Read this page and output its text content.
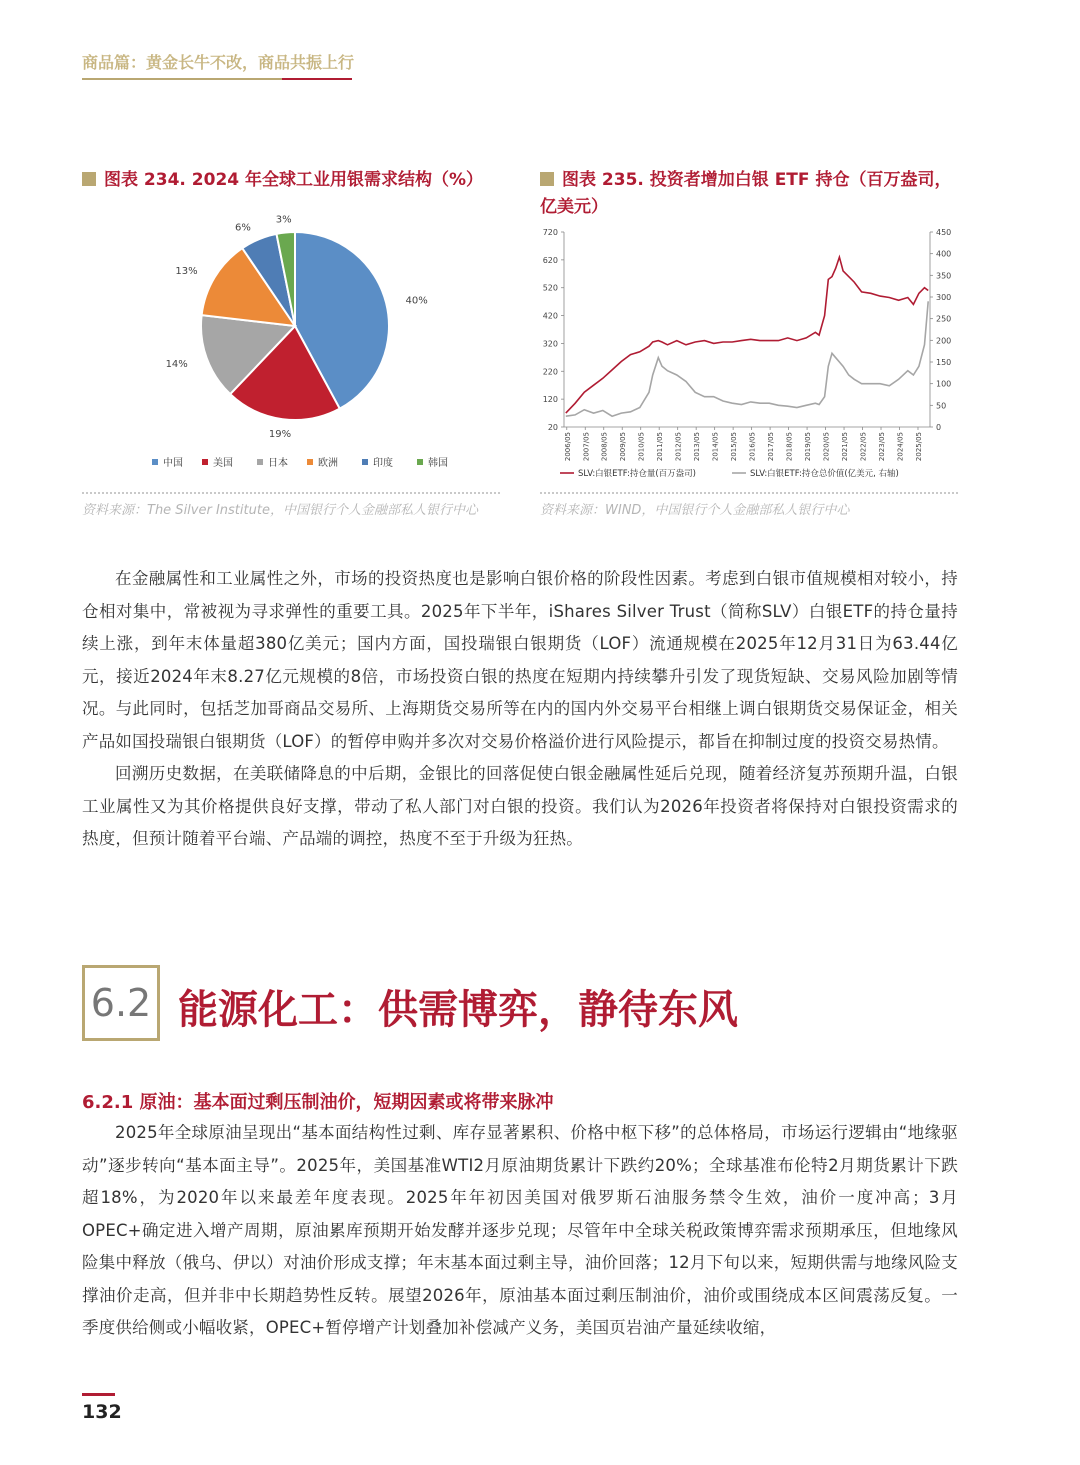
商品篇：黄金长牛不改，商品共振上行
图表 234. 2024 年全球工业用银需求结构（%）	图表 235. 投资者增加白银 ETF 持仓（百万盎司，
亿美元）
40%
19%
14%
13%
6%
3%
中国	美国	日本	欧洲	印度	韩国
资料来源：The Silver Institute，中国银行个人金融部私人银行中心
720
620
520
420
320
220
120
20
450
400
350
300
250
200
150
100
50
0
2006/05 2007/05 2008/05 2009/05 2010/05 2011/05 2012/05 2013/05 2014/05 2015/05 2016/05 2017/05 2018/05 2019/05 2020/05 2021/05 2022/05 2023/05 2024/05 2025/05
SLV:白银ETF:持仓量(百万盎司)	SLV:白银ETF:持仓总价值(亿美元, 右轴)
资料来源：WIND，中国银行个人金融部私人银行中心

在金融属性和工业属性之外，市场的投资热度也是影响白银价格的阶段性因素。考虑到白银市值规模相对较小，持仓相对集中，常被视为寻求弹性的重要工具。2025年下半年，iShares Silver Trust（简称SLV）白银ETF的持仓量持续上涨，到年末体量超380亿美元；国内方面，国投瑞银白银期货（LOF）流通规模在2025年12月31日为63.44亿元，接近2024年末8.27亿元规模的8倍，市场投资白银的热度在短期内持续攀升引发了现货短缺、交易风险加剧等情况。与此同时，包括芝加哥商品交易所、上海期货交易所等在内的国内外交易平台相继上调白银期货交易保证金，相关产品如国投瑞银白银期货（LOF）的暂停申购并多次对交易价格溢价进行风险提示，都旨在抑制过度的投资交易热情。

回溯历史数据，在美联储降息的中后期，金银比的回落促使白银金融属性延后兑现，随着经济复苏预期升温，白银工业属性又为其价格提供良好支撑，带动了私人部门对白银的投资。我们认为2026年投资者将保持对白银投资需求的热度，但预计随着平台端、产品端的调控，热度不至于升级为狂热。

6.2 能源化工：供需博弈，静待东风
6.2.1 原油：基本面过剩压制油价，短期因素或将带来脉冲

2025年全球原油呈现出“基本面结构性过剩、库存显著累积、价格中枢下移”的总体格局，市场运行逻辑由“地缘驱动”逐步转向“基本面主导”。2025年，美国基准WTI2月原油期货累计下跌约20%；全球基准布伦特2月期货累计下跌超18%，为2020年以来最差年度表现。2025年年初因美国对俄罗斯石油服务禁令生效，油价一度冲高；3月OPEC+确定进入增产周期，原油累库预期开始发酵并逐步兑现；尽管年中全球关税政策博弈需求预期承压，但地缘风险集中释放（俄乌、伊以）对油价形成支撑；年末基本面过剩主导，油价回落；12月下旬以来，短期供需与地缘风险支撑油价走高，但并非中长期趋势性反转。展望2026年，原油基本面过剩压制油价，油价或围绕成本区间震荡反复。一季度供给侧或小幅收紧，OPEC+暂停增产计划叠加补偿减产义务，美国页岩油产量延续收缩，

132
